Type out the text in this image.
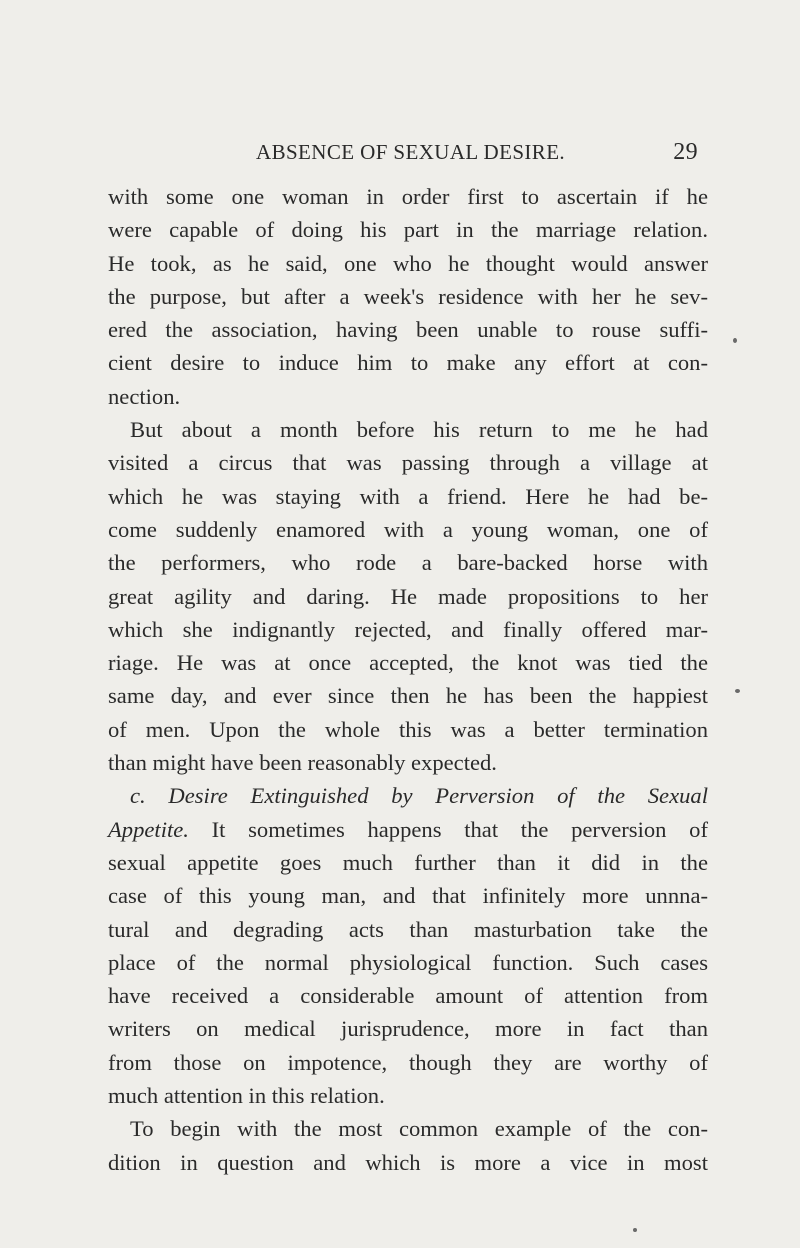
ABSENCE OF SEXUAL DESIRE.	29
with some one woman in order first to ascertain if he
were capable of doing his part in the marriage relation.
He took, as he said, one who he thought would answer
the purpose, but after a week's residence with her he sev-
ered the association, having been unable to rouse suffi-
cient desire to induce him to make any effort at con-
nection.
But about a month before his return to me he had
visited a circus that was passing through a village at
which he was staying with a friend. Here he had be-
come suddenly enamored with a young woman, one of
the performers, who rode a bare-backed horse with
great agility and daring. He made propositions to her
which she indignantly rejected, and finally offered mar-
riage. He was at once accepted, the knot was tied the
same day, and ever since then he has been the happiest
of men. Upon the whole this was a better termination
than might have been reasonably expected.
c. Desire Extinguished by Perversion of the Sexual
Appetite. It sometimes happens that the perversion of
sexual appetite goes much further than it did in the
case of this young man, and that infinitely more unnna-
tural and degrading acts than masturbation take the
place of the normal physiological function. Such cases
have received a considerable amount of attention from
writers on medical jurisprudence, more in fact than
from those on impotence, though they are worthy of
much attention in this relation.
To begin with the most common example of the con-
dition in question and which is more a vice in most
